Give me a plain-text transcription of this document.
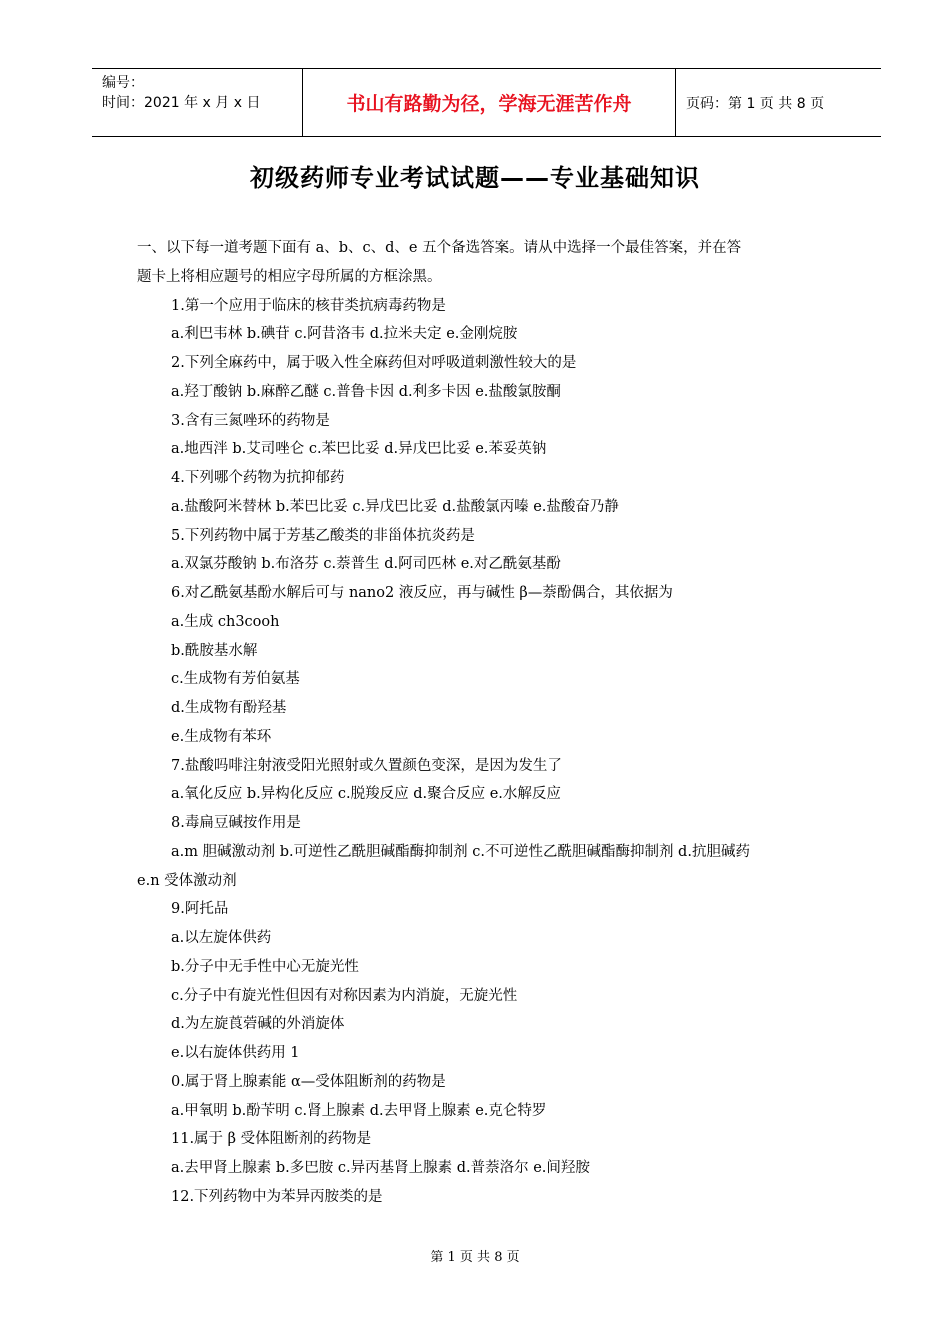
编号：
时间：2021 年 x 月 x 日	书山有路勤为径，学海无涯苦作舟	页码：第 1 页 共 8 页
初级药师专业考试试题——专业基础知识
一、以下每一道考题下面有 a、b、c、d、e 五个备选答案。请从中选择一个最佳答案，并在答
题卡上将相应题号的相应字母所属的方框涂黑。
1.第一个应用于临床的核苷类抗病毒药物是
a.利巴韦林 b.碘苷 c.阿昔洛韦 d.拉米夫定 e.金刚烷胺
2.下列全麻药中，属于吸入性全麻药但对呼吸道刺激性较大的是
a.羟丁酸钠 b.麻醉乙醚 c.普鲁卡因 d.利多卡因 e.盐酸氯胺酮
3.含有三氮唑环的药物是
a.地西泮 b.艾司唑仑 c.苯巴比妥 d.异戊巴比妥 e.苯妥英钠
4.下列哪个药物为抗抑郁药
a.盐酸阿米替林 b.苯巴比妥 c.异戊巴比妥 d.盐酸氯丙嗪 e.盐酸奋乃静
5.下列药物中属于芳基乙酸类的非甾体抗炎药是
a.双氯芬酸钠 b.布洛芬 c.萘普生 d.阿司匹林 e.对乙酰氨基酚
6.对乙酰氨基酚水解后可与 nano2 液反应，再与碱性 β—萘酚偶合，其依据为
a.生成 ch3cooh
b.酰胺基水解
c.生成物有芳伯氨基
d.生成物有酚羟基
e.生成物有苯环
7.盐酸吗啡注射液受阳光照射或久置颜色变深，是因为发生了
a.氧化反应 b.异构化反应 c.脱羧反应 d.聚合反应 e.水解反应
8.毒扁豆碱按作用是
a.m 胆碱激动剂 b.可逆性乙酰胆碱酯酶抑制剂 c.不可逆性乙酰胆碱酯酶抑制剂 d.抗胆碱药
e.n 受体激动剂
9.阿托品
a.以左旋体供药
b.分子中无手性中心无旋光性
c.分子中有旋光性但因有对称因素为内消旋，无旋光性
d.为左旋莨菪碱的外消旋体
e.以右旋体供药用 1
0.属于肾上腺素能 α—受体阻断剂的药物是
a.甲氧明 b.酚苄明 c.肾上腺素 d.去甲肾上腺素 e.克仑特罗
11.属于 β 受体阻断剂的药物是
a.去甲肾上腺素 b.多巴胺 c.异丙基肾上腺素 d.普萘洛尔 e.间羟胺
12.下列药物中为苯异丙胺类的是
第 1 页 共 8 页
